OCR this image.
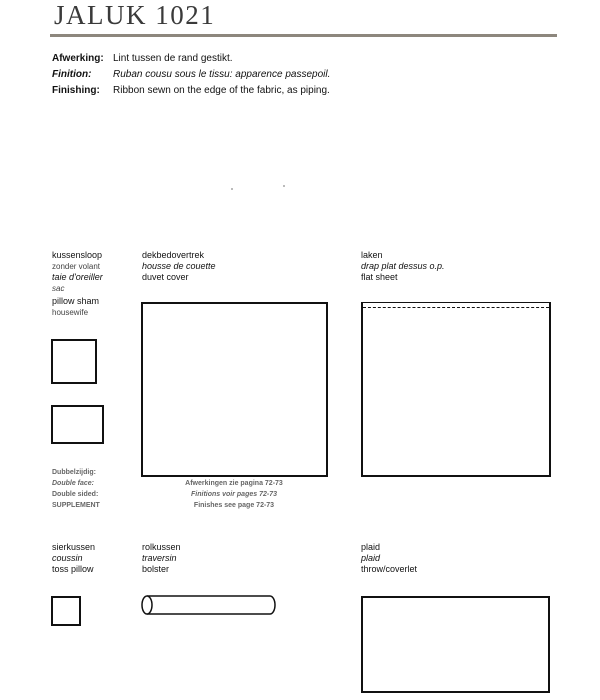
JALUK 1021
Afwerking: Lint tussen de rand gestikt.
Finition: Ruban cousu sous le tissu: apparence passepoil.
Finishing: Ribbon sewn on the edge of the fabric, as piping.
kussensloop
zonder volant
taie d'oreiller
sac
pillow sham
housewife
dekbedovertrek
housse de couette
duvet cover
laken
drap plat dessus o.p.
flat sheet
Dubbelzijdig:
Double face:
Double sided:
SUPPLEMENT
Afwerkingen zie pagina 72-73
Finitions voir pages 72-73
Finishes see page 72-73
sierkussen
coussin
toss pillow
rolkussen
traversin
bolster
plaid
plaid
throw/coverlet
